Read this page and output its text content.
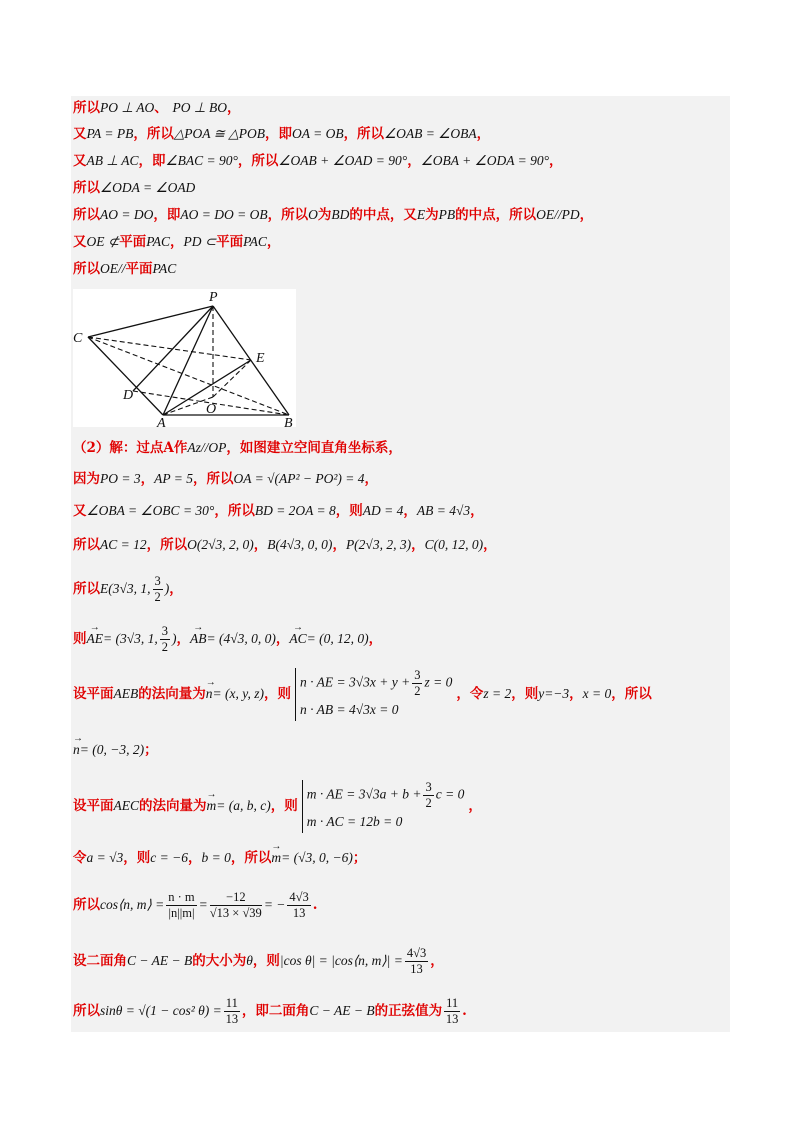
所以PO ⊥ AO、 PO ⊥ BO，
又PA = PB，所以△POA ≅ △POB，即OA = OB，所以∠OAB = ∠OBA，
又AB ⊥ AC，即∠BAC = 90°，所以∠OAB + ∠OAD = 90°，∠OBA + ∠ODA = 90°，
所以∠ODA = ∠OAD
所以AO = DO，即AO = DO = OB，所以O为BD的中点，又E为PB的中点，所以OE//PD，
又OE ⊄平面PAC，PD ⊂平面PAC，
所以OE//平面PAC
P
C
E
D
O
A	B
（2）解：过点A作Az//OP，如图建立空间直角坐标系，
因为PO = 3，AP = 5，所以OA = √(AP² − PO²) = 4，
又∠OBA = ∠OBC = 30°，所以BD = 2OA = 8，则AD = 4，AB = 4√3，
所以AC = 12，所以O(2√3, 2, 0)，B(4√3, 0, 0)，P(2√3, 2, 3)，C(0, 12, 0)，
所以E(3√3, 1, $\frac{3}{2}$ )，
则→ AE= (3√3, 1, $\frac{3}{2}$ )，→ AB= (4√3, 0, 0)，→ AC= (0, 12, 0)，
设平面AEB的法向量为→ n= (x, y, z)，则
n · AE = $3√3x + y + \frac{3}{2}$ z = 0
n · AB = 4√3x = 0
，令z = 2，则y=−3，x = 0，所以
→ n= (0, −3, 2)；
设平面AEC的法向量为→ m= (a, b, c)，则
m · AE = $3√3a + b + \frac{3}{2}$ c = 0
m · AC = 12b = 0
，
令a = √3，则c = −6，b = 0，所以→ m= (√3, 0, −6)；
所以cos⟨n, m⟩ = $\frac{n \cdot m}{|n||m|} = \frac{-12}{√13 \times √39}$ = − $\frac{4√3}{13}$ .
设二面角C − AE − B的大小为θ，则|cos θ| = |cos⟨n, m⟩| = $\frac{4√3}{13}$ ，
所以sinθ = √(1 − cos² $\theta) = \frac{11}{13}$ ，即二面角C − AE − B的正弦值为 $\frac{11}{13}$ .
